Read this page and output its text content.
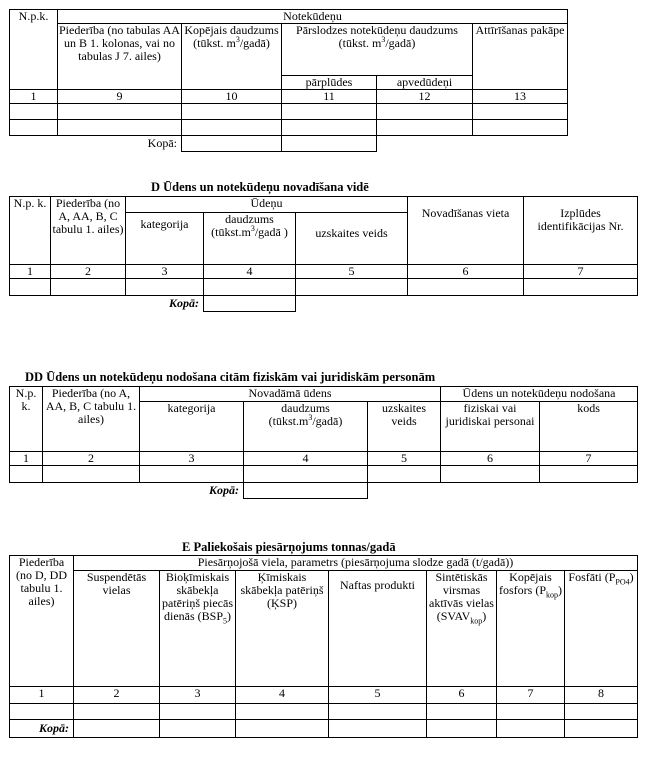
N.p.k.	Notekūdeņu				
	Piederība (no tabulas AA un B 1. kolonas, vai no tabulas J 7. ailes)	Kopējais daudzums (tūkst. $m^3/gadā$)	Pārslodzes notekūdeņu daudzums (tūkst. $m^3/gadā$)		Attīrīšanas pakāpe
			pārplūdes	apvedūdeņi	
1	9	10	11	12	13

	Kopā:				
D Ūdens un notekūdeņu novadīšana vidē
N.p. k.	Piederība (no A, AA, B, C tabulu 1. ailes)	Ūdeņu			Novadīšanas vieta	Izplūdes identifikācijas Nr.
		kategorija	daudzums ($tūkst.m^3$/gadā )	uzskaites veids		
1	2	3	4	5	6	7

		Kopā:				
DD Ūdens un notekūdeņu nodošana citām fiziskām vai juridiskām personām
N.p. k.	Piederība (no A, AA, B, C tabulu 1. ailes)	Novadāmā ūdens			Ūdens un notekūdeņu nodošana	
		kategorija	daudzums $(tūkst.m^3/gadā)$	uzskaites veids	fiziskai vai juridiskai personai	kods
1	2	3	4	5	6	7

		Kopā:				
E Paliekošais piesārņojums tonnas/gadā
Piederība (no D, DD tabulu 1. ailes)	Piesārņojošā viela, parametrs (piesārņojuma slodze gadā (t/gadā))						
	Suspendētās vielas	Bioķīmiskais skābekļa patēriņš piecās dienās $(BSP_5)$	Ķīmiskais skābekļa patēriņš (ĶSP)	Naftas produkti	Sintētiskās virsmas aktīvās vielas $(SVAV_{kop})$	Kopējais fosfors $(P_{kop})$	Fosfāti $(P_{PO4})$
1	2	3	4	5	6	7	8

Kopā:							
